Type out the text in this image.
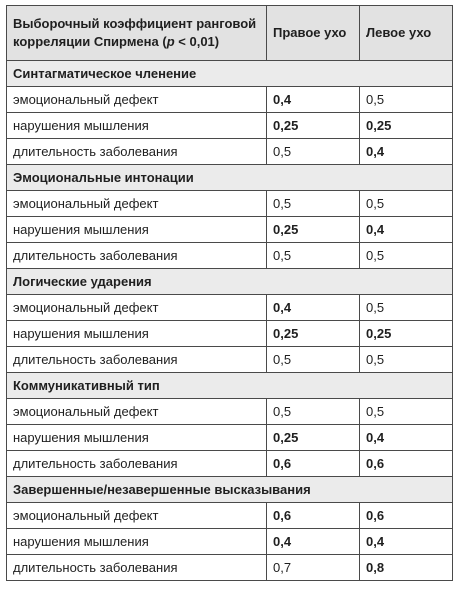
Выборочный коэффициент ранговой
корреляции Спирмена (p < 0,01)	Правое ухо	Левое ухо
Синтагматическое членение		
эмоциональный дефект	0,4	0,5
нарушения мышления	0,25	0,25
длительность заболевания	0,5	0,4
Эмоциональные интонации		
эмоциональный дефект	0,5	0,5
нарушения мышления	0,25	0,4
длительность заболевания	0,5	0,5
Логические ударения		
эмоциональный дефект	0,4	0,5
нарушения мышления	0,25	0,25
длительность заболевания	0,5	0,5
Коммуникативный тип		
эмоциональный дефект	0,5	0,5
нарушения мышления	0,25	0,4
длительность заболевания	0,6	0,6
Завершенные/незавершенные высказывания		
эмоциональный дефект	0,6	0,6
нарушения мышления	0,4	0,4
длительность заболевания	0,7	0,8
